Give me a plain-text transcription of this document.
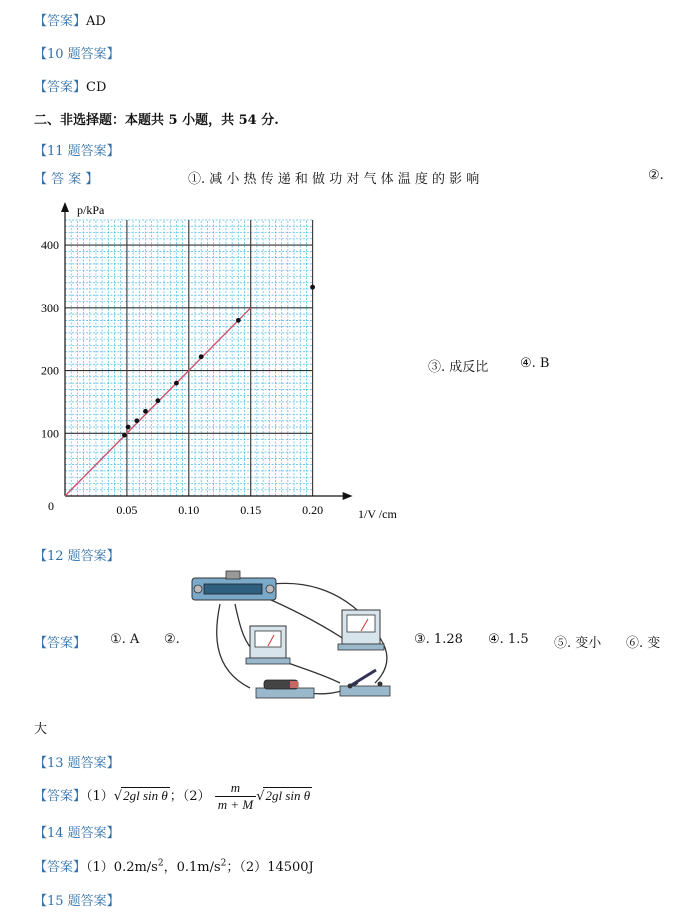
【答案】AD
【10 题答案】
【答案】CD
二、非选择题：本题共 5 小题，共 54 分.
【11 题答案】
【 答 案 】	①. 减 小 热 传 递 和 做 功 对 气 体 温 度 的 影 响	②.
0.05	0.10	0.15	0.20
100
200
300
400
p/kPa
1/V /cm
0
③. 成反比 ④. B
【12 题答案】
【答案】 ①. A ②.	③. 1.28 ④. 1.5 ⑤. 变小 ⑥. 变
大
【13 题答案】
【答案】（1）√2gl sin θ ；$(2) \frac{m}{m + M} √2gl$ sin θ
【14 题答案】
【答案】$(1)0.2m/s^2$，$0.1m/s^2$；（2）14500J
【15 题答案】
